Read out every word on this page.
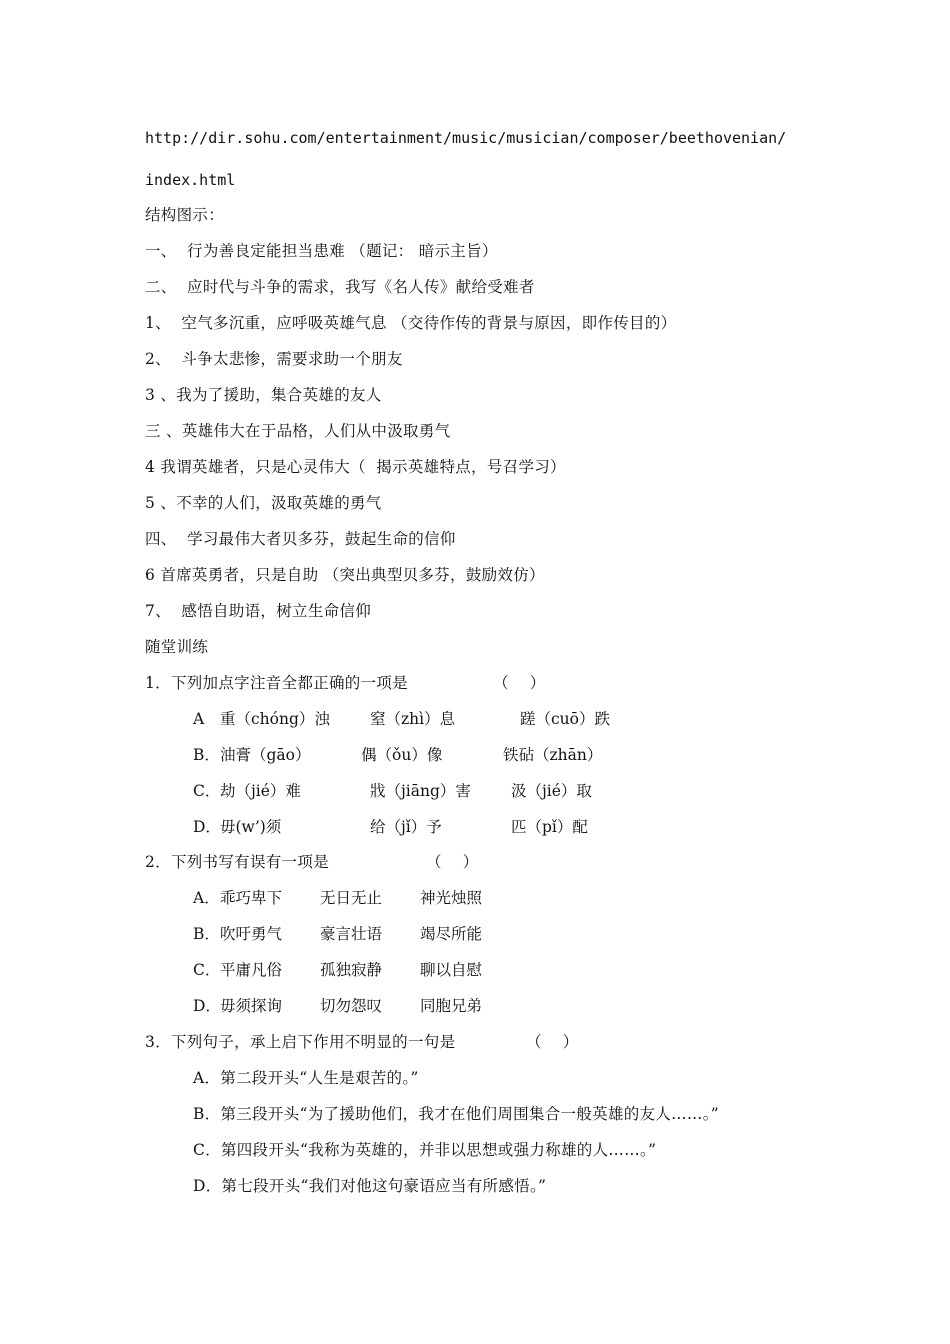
http://dir.sohu.com/entertainment/music/musician/composer/beethovenian/
index.html
结构图示：
一、  行为善良定能担当患难 （题记： 暗示主旨）
二、  应时代与斗争的需求，我写《名人传》献给受难者
1、  空气多沉重，应呼吸英雄气息 （交待作传的背景与原因，即作传目的）
2、  斗争太悲惨，需要求助一个朋友
3 、我为了援助，集合英雄的友人
三 、英雄伟大在于品格，人们从中汲取勇气
4 我谓英雄者，只是心灵伟大（  揭示英雄特点，号召学习）
5 、不幸的人们，汲取英雄的勇气
四、  学习最伟大者贝多芬，鼓起生命的信仰
6 首席英勇者，只是自助 （突出典型贝多芬，鼓励效仿）
7、  感悟自助语，树立生命信仰
随堂训练
1．下列加点字注音全都正确的一项是	（    ）
A 重（chóng）浊	窒（zhì）息	蹉（cuō）跌
B． 油膏（gāo）	偶（ǒu）像	铁砧（zhān）
C． 劫（jié）难	戕（jiāng）害	汲（jié）取
D． 毋(w’)须	给（jǐ）予	匹（pǐ）配
2．下列书写有误有一项是	（    ）
A． 乖巧卑下 无日无止 神光烛照
B． 吹吁勇气 豪言壮语 竭尽所能
C． 平庸凡俗 孤独寂静 聊以自慰
D． 毋须探询 切勿怨叹 同胞兄弟
3．下列句子，承上启下作用不明显的一句是	（    ）
A．第二段开头“人生是艰苦的。”
B．第三段开头“为了援助他们，我才在他们周围集合一般英雄的友人……。”
C．第四段开头“我称为英雄的，并非以思想或强力称雄的人……。”
D．第七段开头“我们对他这句豪语应当有所感悟。”
